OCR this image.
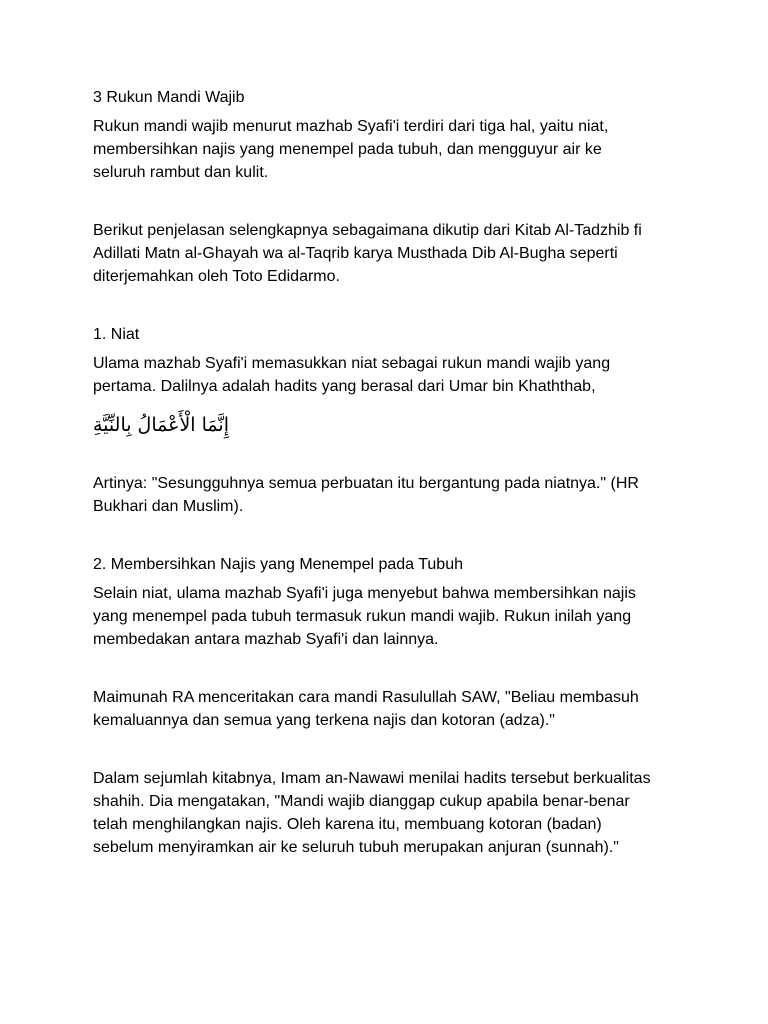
3 Rukun Mandi Wajib

Rukun mandi wajib menurut mazhab Syafi'i terdiri dari tiga hal, yaitu niat,
membersihkan najis yang menempel pada tubuh, dan mengguyur air ke
seluruh rambut dan kulit.

Berikut penjelasan selengkapnya sebagaimana dikutip dari Kitab Al-Tadzhib fi
Adillati Matn al-Ghayah wa al-Taqrib karya Musthada Dib Al-Bugha seperti
diterjemahkan oleh Toto Edidarmo.

1. Niat

Ulama mazhab Syafi'i memasukkan niat sebagai rukun mandi wajib yang
pertama. Dalilnya adalah hadits yang berasal dari Umar bin Khaththab,

إِنَّمَا الْأَعْمَالُ بِالنِّيَّةِ

Artinya: "Sesungguhnya semua perbuatan itu bergantung pada niatnya." (HR
Bukhari dan Muslim).

2. Membersihkan Najis yang Menempel pada Tubuh

Selain niat, ulama mazhab Syafi'i juga menyebut bahwa membersihkan najis
yang menempel pada tubuh termasuk rukun mandi wajib. Rukun inilah yang
membedakan antara mazhab Syafi'i dan lainnya.

Maimunah RA menceritakan cara mandi Rasulullah SAW, "Beliau membasuh
kemaluannya dan semua yang terkena najis dan kotoran (adza)."

Dalam sejumlah kitabnya, Imam an-Nawawi menilai hadits tersebut berkualitas
shahih. Dia mengatakan, "Mandi wajib dianggap cukup apabila benar-benar
telah menghilangkan najis. Oleh karena itu, membuang kotoran (badan)
sebelum menyiramkan air ke seluruh tubuh merupakan anjuran (sunnah)."
